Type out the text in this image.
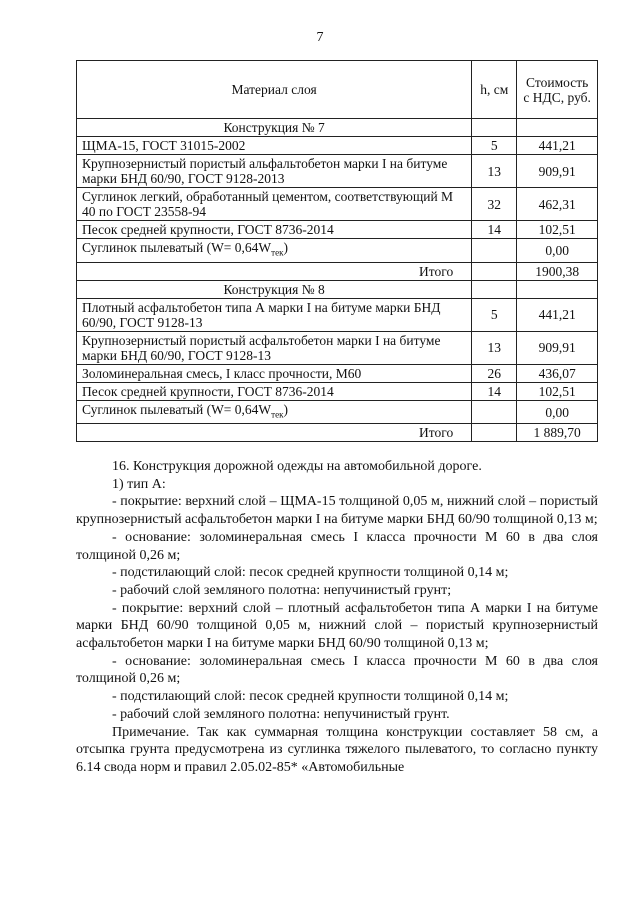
7
Материал слоя	h, см	Стоимость с НДС, руб.
Конструкция № 7		
ЩМА-15, ГОСТ 31015-2002	5	441,21
Крупнозернистый пористый альфальтобетон марки I на битуме марки БНД 60/90, ГОСТ 9128-2013	13	909,91
Суглинок легкий, обработанный цементом, соответствующий М 40 по ГОСТ 23558-94	32	462,31
Песок средней крупности, ГОСТ 8736-2014	14	102,51
Суглинок пылеватый $(W= 0,64W_{тек})$		0,00
Итого		1900,38
Конструкция № 8		
Плотный асфальтобетон типа А марки I на битуме марки БНД 60/90, ГОСТ 9128-13	5	441,21
Крупнозернистый пористый асфальтобетон марки I на битуме марки БНД 60/90, ГОСТ 9128-13	13	909,91
Золоминеральная смесь, I класс прочности, М60	26	436,07
Песок средней крупности, ГОСТ 8736-2014	14	102,51
Суглинок пылеватый $(W= 0,64W_{тек})$		0,00
Итого		1 889,70

16. Конструкция дорожной одежды на автомобильной дороге.

1) тип А:

- покрытие: верхний слой – ЩМА-15 толщиной 0,05 м, нижний слой – пористый крупнозернистый асфальтобетон марки I на битуме марки БНД 60/90 толщиной 0,13 м;

- основание: золоминеральная смесь I класса прочности М 60 в два слоя толщиной 0,26 м;

- подстилающий слой: песок средней крупности толщиной 0,14 м;

- рабочий слой земляного полотна: непучинистый грунт;

- покрытие: верхний слой – плотный асфальтобетон типа А марки I на битуме марки БНД 60/90 толщиной 0,05 м, нижний слой – пористый крупнозернистый асфальтобетон марки I на битуме марки БНД 60/90 толщиной 0,13 м;

- основание: золоминеральная смесь I класса прочности М 60 в два слоя толщиной 0,26 м;

- подстилающий слой: песок средней крупности толщиной 0,14 м;

- рабочий слой земляного полотна: непучинистый грунт.

Примечание. Так как суммарная толщина конструкции составляет 58 см, а отсыпка грунта предусмотрена из суглинка тяжелого пылеватого, то согласно пункту 6.14 свода норм и правил 2.05.02-85* «Автомобильные
